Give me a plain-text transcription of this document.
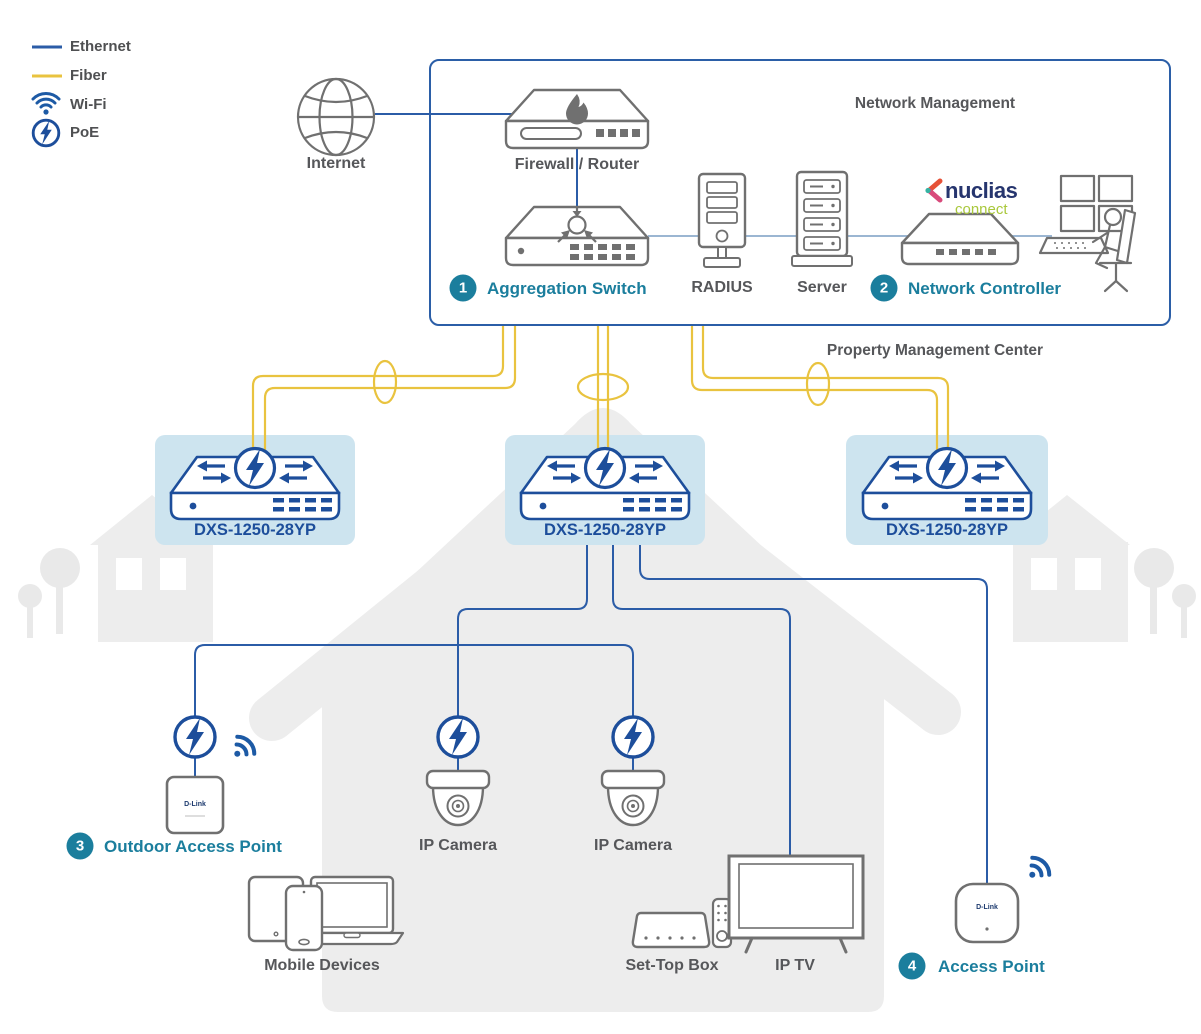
Ethernet
Fiber
Wi-Fi
PoE
Internet
Network Management
Firewall / Router
1	Aggregation Switch	RADIUS	Server	2	Network Controller
nuclias
connect
Property Management Center
DXS-1250-28YP	DXS-1250-28YP	DXS-1250-28YP
3	Outdoor Access Point
D-Link
IP Camera	IP Camera
Mobile Devices	Set-Top Box	IP TV	4	Access Point
D-Link
